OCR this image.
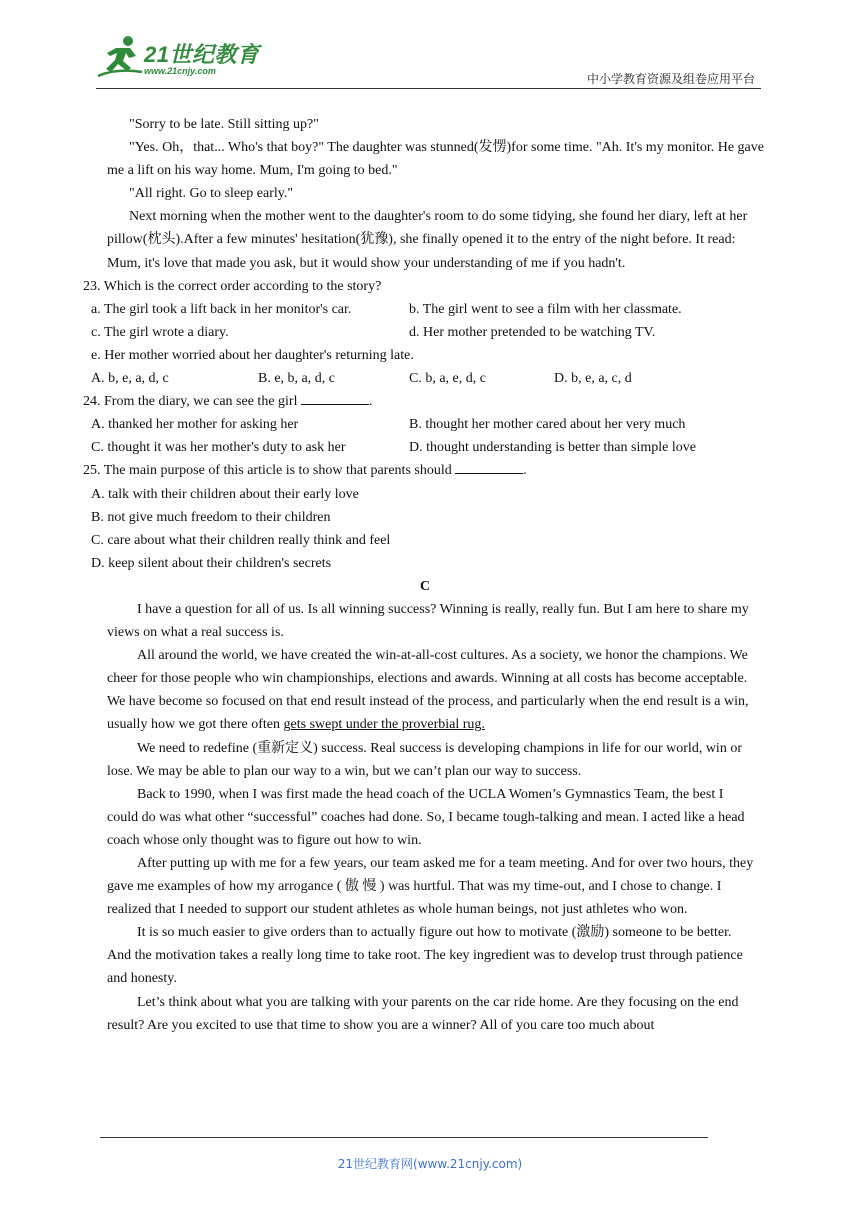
21世纪教育
www.21cnjy.com
中小学教育资源及组卷应用平台

"Sorry to be late. Still sitting up?"

"Yes. Oh，that... Who's that boy?" The daughter was stunned(发愣)for some time. "Ah. It's my monitor. He gave me a lift on his way home. Mum, I'm going to bed."

"All right. Go to sleep early."

Next morning when the mother went to the daughter's room to do some tidying, she found her diary, left at her pillow(枕头).After a few minutes' hesitation(犹豫), she finally opened it to the entry of the night before. It read: Mum, it's love that made you ask, but it would show your understanding of me if you hadn't.

23. Which is the correct order according to the story?

a. The girl took a lift back in her monitor's car.	b. The girl went to see a film with her classmate.
c. The girl wrote a diary.	d. Her mother pretended to be watching TV.

e. Her mother worried about her daughter's returning late.

A. b, e, a, d, c	B. e, b, a, d, c	C. b, a, e, d, c	D. b, e, a, c, d

24. From the diary, we can see the girl	.

A. thanked her mother for asking her	B. thought her mother cared about her very much
C. thought it was her mother's duty to ask her	D. thought understanding is better than simple love

25. The main purpose of this article is to show that parents should	.

A. talk with their children about their early love

B. not give much freedom to their children

C. care about what their children really think and feel

D. keep silent about their children's secrets

C

I have a question for all of us. Is all winning success? Winning is really, really fun. But I am here to share my views on what a real success is.

All around the world, we have created the win-at-all-cost cultures. As a society, we honor the champions. We cheer for those people who win championships, elections and awards. Winning at all costs has become acceptable. We have become so focused on that end result instead of the process, and particularly when the end result is a win, usually how we got there often gets swept under the proverbial rug.

We need to redefine (重新定义) success. Real success is developing champions in life for our world, win or

lose. We may be able to plan our way to a win, but we can’t plan our way to success.

Back to 1990, when I was first made the head coach of the UCLA Women’s Gymnastics Team, the best I could do was what other “successful” coaches had done. So, I became tough-talking and mean. I acted like a head coach whose only thought was to figure out how to win.

After putting up with me for a few years, our team asked me for a team meeting. And for over two hours, they gave me examples of how my arrogance ( 傲 慢 ) was hurtful. That was my time-out, and I chose to change. I realized that I needed to support our student athletes as whole human beings, not just athletes who won.

It is so much easier to give orders than to actually figure out how to motivate (激励) someone to be better. And the motivation takes a really long time to take root. The key ingredient was to develop trust through patience and honesty.

Let’s think about what you are talking with your parents on the car ride home. Are they focusing on the end result? Are you excited to use that time to show you are a winner? All of you care too much about

21世纪教育网(www.21cnjy.com)
